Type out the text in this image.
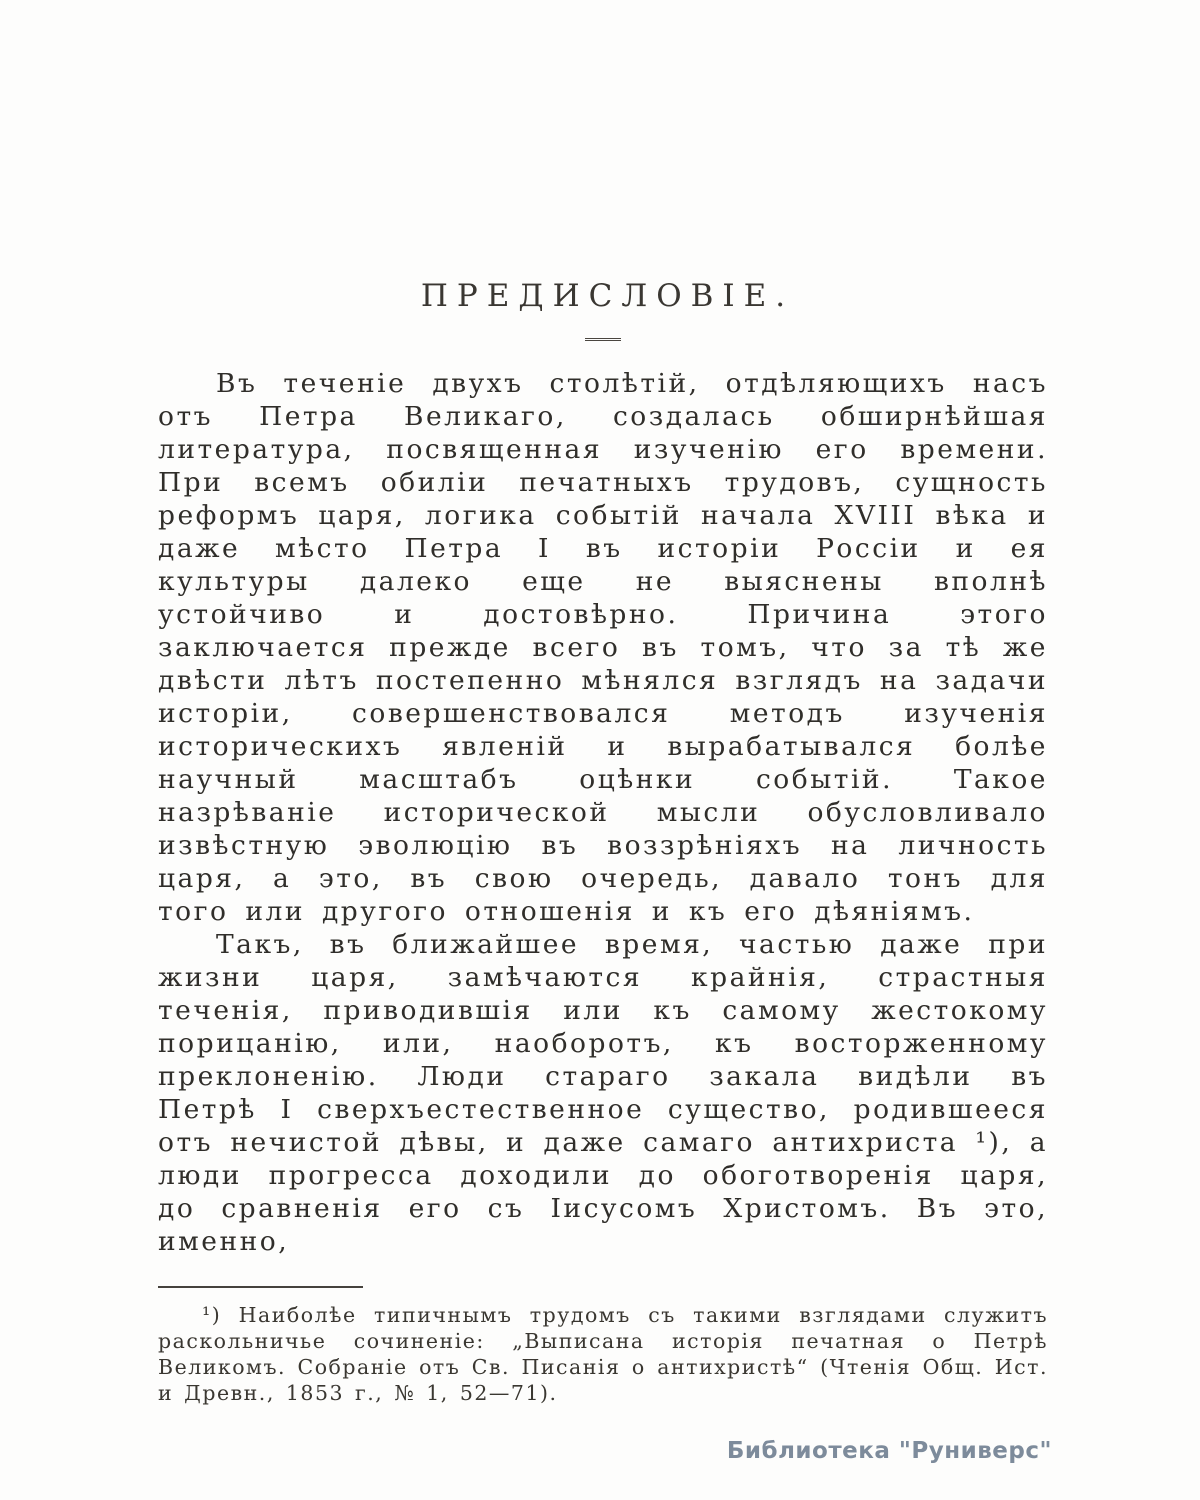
ПРЕДИСЛОВІЕ.

Въ теченіе двухъ столѣтій, отдѣляющихъ насъ отъ Петра Великаго, создалась обширнѣйшая литература, посвященная изученію его времени. При всемъ обиліи печатныхъ трудовъ, сущность реформъ царя, логика событій начала XVIII вѣка и даже мѣсто Петра I въ исторіи Россіи и ея культуры далеко еще не выяснены вполнѣ устойчиво и достовѣрно. Причина этого заключается прежде всего въ томъ, что за тѣ же двѣсти лѣтъ постепенно мѣнялся взглядъ на задачи исторіи, совершенствовался методъ изученія историческихъ явленій и вырабатывался болѣе научный масштабъ оцѣнки событій. Такое назрѣваніе исторической мысли обусловливало извѣстную эволюцію въ воззрѣніяхъ на личность царя, а это, въ свою очередь, давало тонъ для того или другого отношенія и къ его дѣяніямъ.

Такъ, въ ближайшее время, частью даже при жизни царя, замѣчаются крайнія, страстныя теченія, приводившія или къ самому жестокому порицанію, или, наоборотъ, къ восторженному преклоненію. Люди стараго закала видѣли въ Петрѣ I сверхъестественное существо, родившееся отъ нечистой дѣвы, и даже самаго антихриста ¹), а люди прогресса доходили до обоготворенія царя, до сравненія его съ Іисусомъ Христомъ. Въ это, именно,

¹) Наиболѣе типичнымъ трудомъ съ такими взглядами служитъ раскольничье сочиненіе: „Выписана исторія печатная о Петрѣ Великомъ. Собраніе отъ Св. Писанія о антихристѣ“ (Чтенія Общ. Ист. и Древн., 1853 г., № 1, 52—71).

Библиотека "Руниверс"
